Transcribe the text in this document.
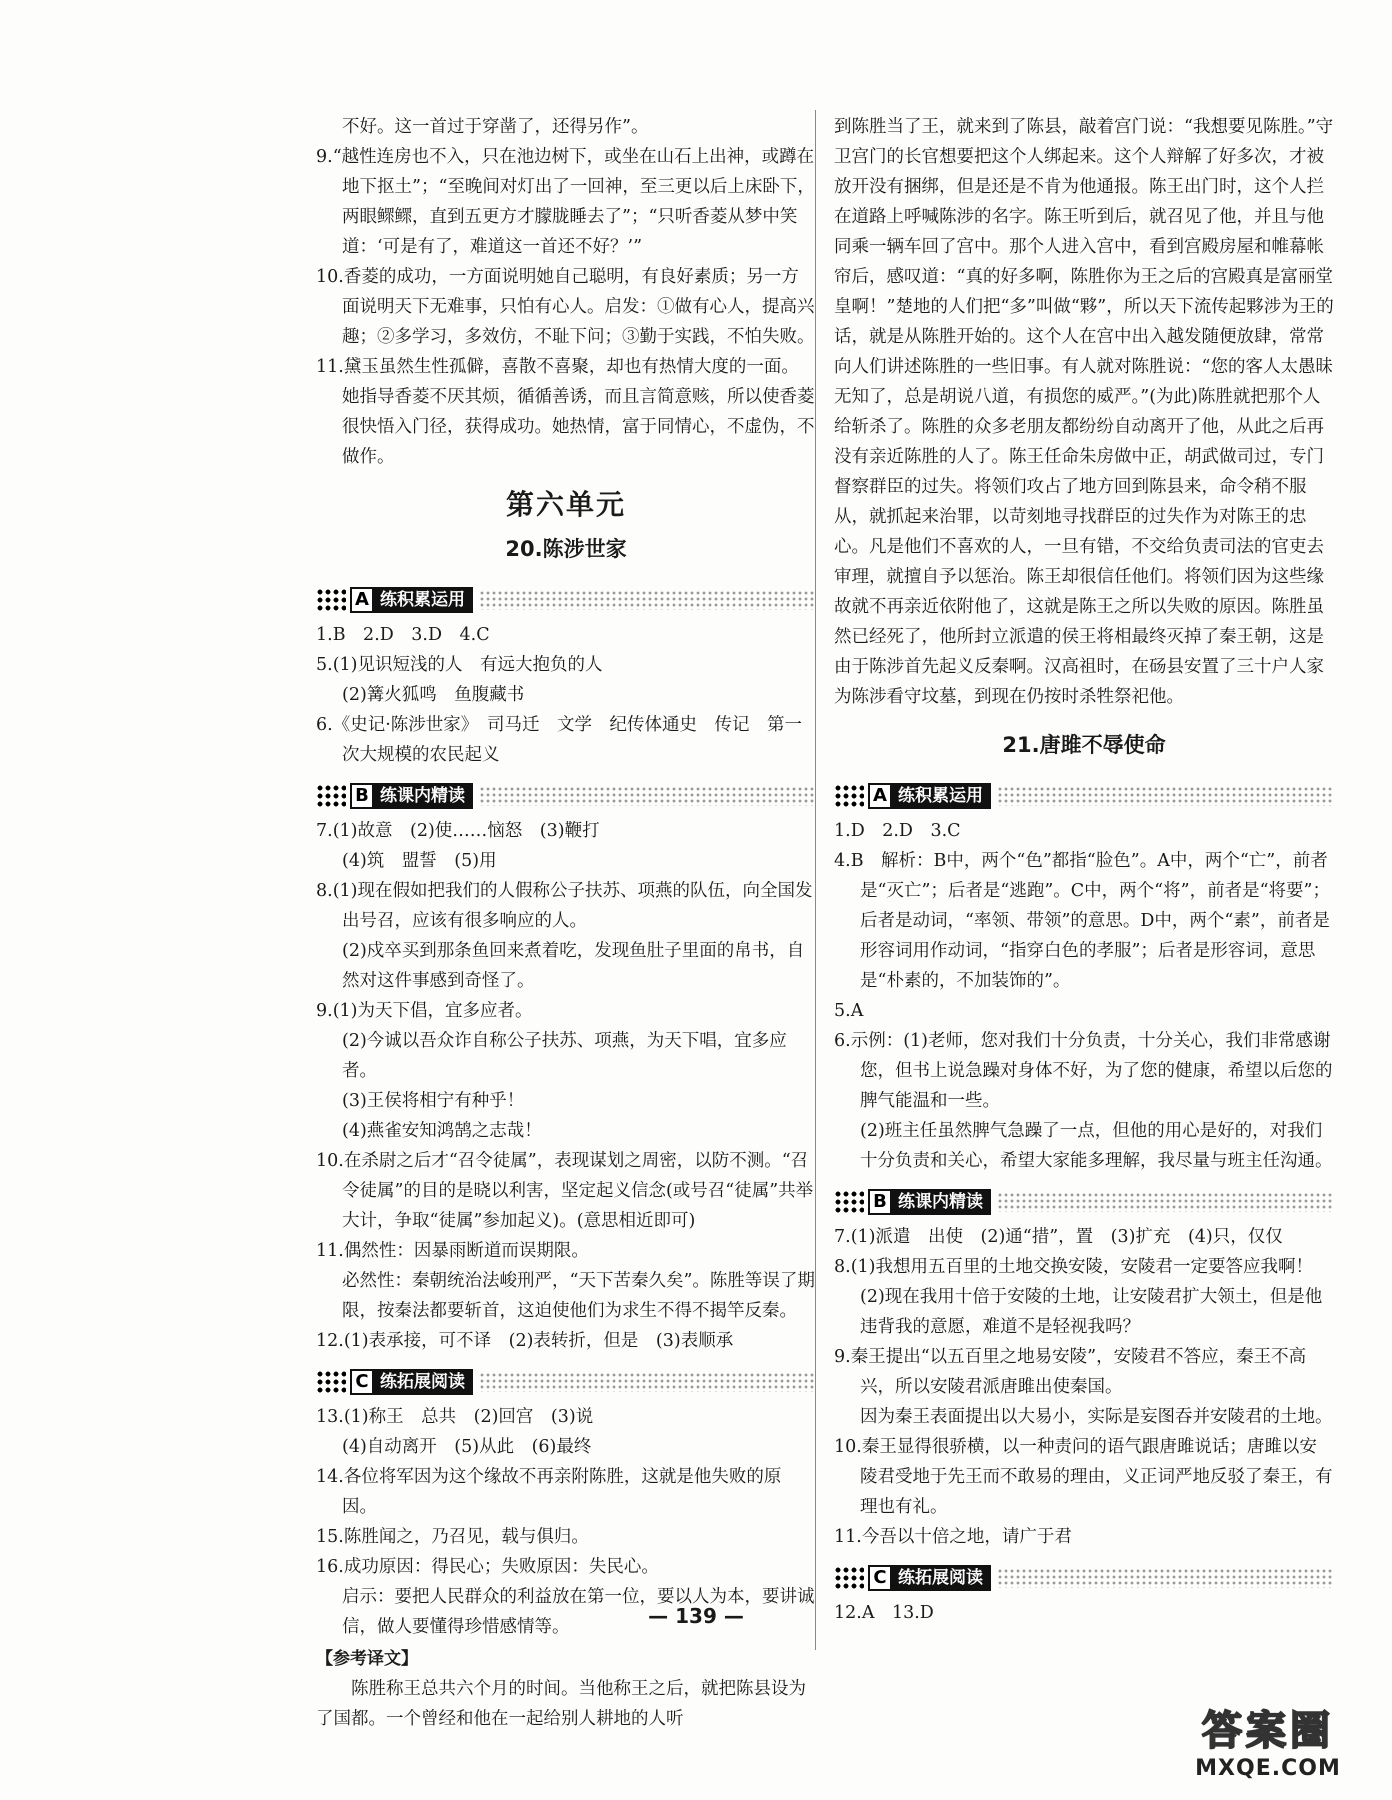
不好。这一首过于穿凿了，还得另作”。

9.“越性连房也不入，只在池边树下，或坐在山石上出神，或蹲在地下抠土”；“至晚间对灯出了一回神，至三更以后上床卧下，两眼鳏鳏，直到五更方才朦胧睡去了”；“只听香菱从梦中笑道：‘可是有了，难道这一首还不好？’”

10.香菱的成功，一方面说明她自己聪明，有良好素质；另一方面说明天下无难事，只怕有心人。启发：①做有心人，提高兴趣；②多学习，多效仿，不耻下问；③勤于实践，不怕失败。

11.黛玉虽然生性孤僻，喜散不喜聚，却也有热情大度的一面。她指导香菱不厌其烦，循循善诱，而且言简意赅，所以使香菱很快悟入门径，获得成功。她热情，富于同情心，不虚伪，不做作。

第六单元
20.陈涉世家
A 练积累运用

1.B　2.D　3.D　4.C

5.(1)见识短浅的人　有远大抱负的人

(2)篝火狐鸣　鱼腹藏书

6.《史记·陈涉世家》　司马迁　文学　纪传体通史　传记　第一次大规模的农民起义

B 练课内精读

7.(1)故意　(2)使……恼怒　(3)鞭打

(4)筑　盟誓　(5)用

8.(1)现在假如把我们的人假称公子扶苏、项燕的队伍，向全国发出号召，应该有很多响应的人。

(2)戍卒买到那条鱼回来煮着吃，发现鱼肚子里面的帛书，自然对这件事感到奇怪了。

9.(1)为天下倡，宜多应者。

(2)今诚以吾众诈自称公子扶苏、项燕，为天下唱，宜多应者。

(3)王侯将相宁有种乎！

(4)燕雀安知鸿鹄之志哉！

10.在杀尉之后才“召令徒属”，表现谋划之周密，以防不测。“召令徒属”的目的是晓以利害，坚定起义信念(或号召“徒属”共举大计，争取“徒属”参加起义)。(意思相近即可)

11.偶然性：因暴雨断道而误期限。

必然性：秦朝统治法峻刑严，“天下苦秦久矣”。陈胜等误了期限，按秦法都要斩首，这迫使他们为求生不得不揭竿反秦。

12.(1)表承接，可不译　(2)表转折，但是　(3)表顺承

C 练拓展阅读

13.(1)称王　总共　(2)回宫　(3)说

(4)自动离开　(5)从此　(6)最终

14.各位将军因为这个缘故不再亲附陈胜，这就是他失败的原因。

15.陈胜闻之，乃召见，载与俱归。

16.成功原因：得民心；失败原因：失民心。

启示：要把人民群众的利益放在第一位，要以人为本，要讲诚信，做人要懂得珍惜感情等。

【参考译文】

陈胜称王总共六个月的时间。当他称王之后，就把陈县设为了国都。一个曾经和他在一起给别人耕地的人听

到陈胜当了王，就来到了陈县，敲着宫门说：“我想要见陈胜。”守卫宫门的长官想要把这个人绑起来。这个人辩解了好多次，才被放开没有捆绑，但是还是不肯为他通报。陈王出门时，这个人拦在道路上呼喊陈涉的名字。陈王听到后，就召见了他，并且与他同乘一辆车回了宫中。那个人进入宫中，看到宫殿房屋和帷幕帐帘后，感叹道：“真的好多啊，陈胜你为王之后的宫殿真是富丽堂皇啊！”楚地的人们把“多”叫做“夥”，所以天下流传起夥涉为王的话，就是从陈胜开始的。这个人在宫中出入越发随便放肆，常常向人们讲述陈胜的一些旧事。有人就对陈胜说：“您的客人太愚昧无知了，总是胡说八道，有损您的威严。”(为此)陈胜就把那个人给斩杀了。陈胜的众多老朋友都纷纷自动离开了他，从此之后再没有亲近陈胜的人了。陈王任命朱房做中正，胡武做司过，专门督察群臣的过失。将领们攻占了地方回到陈县来，命令稍不服从，就抓起来治罪，以苛刻地寻找群臣的过失作为对陈王的忠心。凡是他们不喜欢的人，一旦有错，不交给负责司法的官吏去审理，就擅自予以惩治。陈王却很信任他们。将领们因为这些缘故就不再亲近依附他了，这就是陈王之所以失败的原因。陈胜虽然已经死了，他所封立派遣的侯王将相最终灭掉了秦王朝，这是由于陈涉首先起义反秦啊。汉高祖时，在砀县安置了三十户人家为陈涉看守坟墓，到现在仍按时杀牲祭祀他。

21.唐雎不辱使命
A 练积累运用

1.D　2.D　3.C

4.B　解析：B中，两个“色”都指“脸色”。A中，两个“亡”，前者是“灭亡”；后者是“逃跑”。C中，两个“将”，前者是“将要”；后者是动词，“率领、带领”的意思。D中，两个“素”，前者是形容词用作动词，“指穿白色的孝服”；后者是形容词，意思是“朴素的，不加装饰的”。

5.A

6.示例：(1)老师，您对我们十分负责，十分关心，我们非常感谢您，但书上说急躁对身体不好，为了您的健康，希望以后您的脾气能温和一些。

(2)班主任虽然脾气急躁了一点，但他的用心是好的，对我们十分负责和关心，希望大家能多理解，我尽量与班主任沟通。

B 练课内精读

7.(1)派遣　出使　(2)通“措”，置　(3)扩充　(4)只，仅仅

8.(1)我想用五百里的土地交换安陵，安陵君一定要答应我啊！

(2)现在我用十倍于安陵的土地，让安陵君扩大领土，但是他违背我的意愿，难道不是轻视我吗？

9.秦王提出“以五百里之地易安陵”，安陵君不答应，秦王不高兴，所以安陵君派唐雎出使秦国。

因为秦王表面提出以大易小，实际是妄图吞并安陵君的土地。

10.秦王显得很骄横，以一种责问的语气跟唐雎说话；唐雎以安陵君受地于先王而不敢易的理由，义正词严地反驳了秦王，有理也有礼。

11.今吾以十倍之地，请广于君

C 练拓展阅读

12.A　13.D

— 139 —
答案圈
MXQE.COM
